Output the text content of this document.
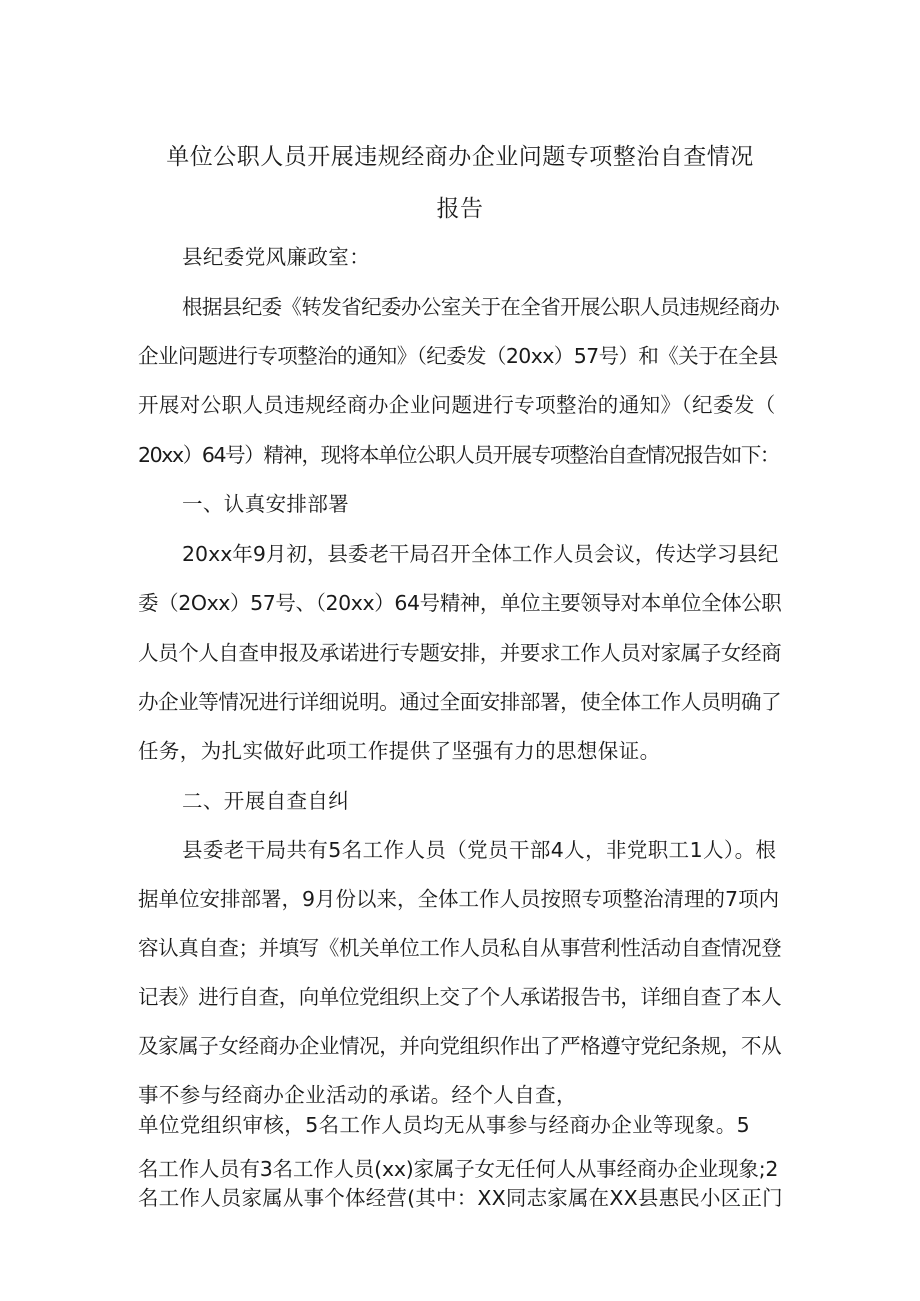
单位公职人员开展违规经商办企业问题专项整治自查情况
报告
县纪委党风廉政室：
根据县纪委《转发省纪委办公室关于在全省开展公职人员违规经商办
企业问题进行专项整治的通知》（纪委发（20xx）57号）和《关于在全县
开展对公职人员违规经商办企业问题进行专项整治的通知》（纪委发（
20xx）64号）精神，现将本单位公职人员开展专项整治自查情况报告如下：
一、认真安排部署
20xx年9月初，县委老干局召开全体工作人员会议，传达学习县纪
委（2Oxx）57号、（20xx）64号精神，单位主要领导对本单位全体公职
人员个人自查申报及承诺进行专题安排，并要求工作人员对家属子女经商
办企业等情况进行详细说明。通过全面安排部署，使全体工作人员明确了
任务，为扎实做好此项工作提供了坚强有力的思想保证。
二、开展自查自纠
县委老干局共有5名工作人员（党员干部4人，非党职工1人）。根
据单位安排部署，9月份以来，全体工作人员按照专项整治清理的7项内
容认真自查；并填写《机关单位工作人员私自从事营利性活动自查情况登
记表》进行自查，向单位党组织上交了个人承诺报告书，详细自查了本人
及家属子女经商办企业情况，并向党组织作出了严格遵守党纪条规，不从
事不参与经商办企业活动的承诺。经个人自查，
单位党组织审核，5名工作人员均无从事参与经商办企业等现象。5
名工作人员有3名工作人员(xx)家属子女无任何人从事经商办企业现象;2
名工作人员家属从事个体经营(其中：XX同志家属在XX县惠民小区正门
